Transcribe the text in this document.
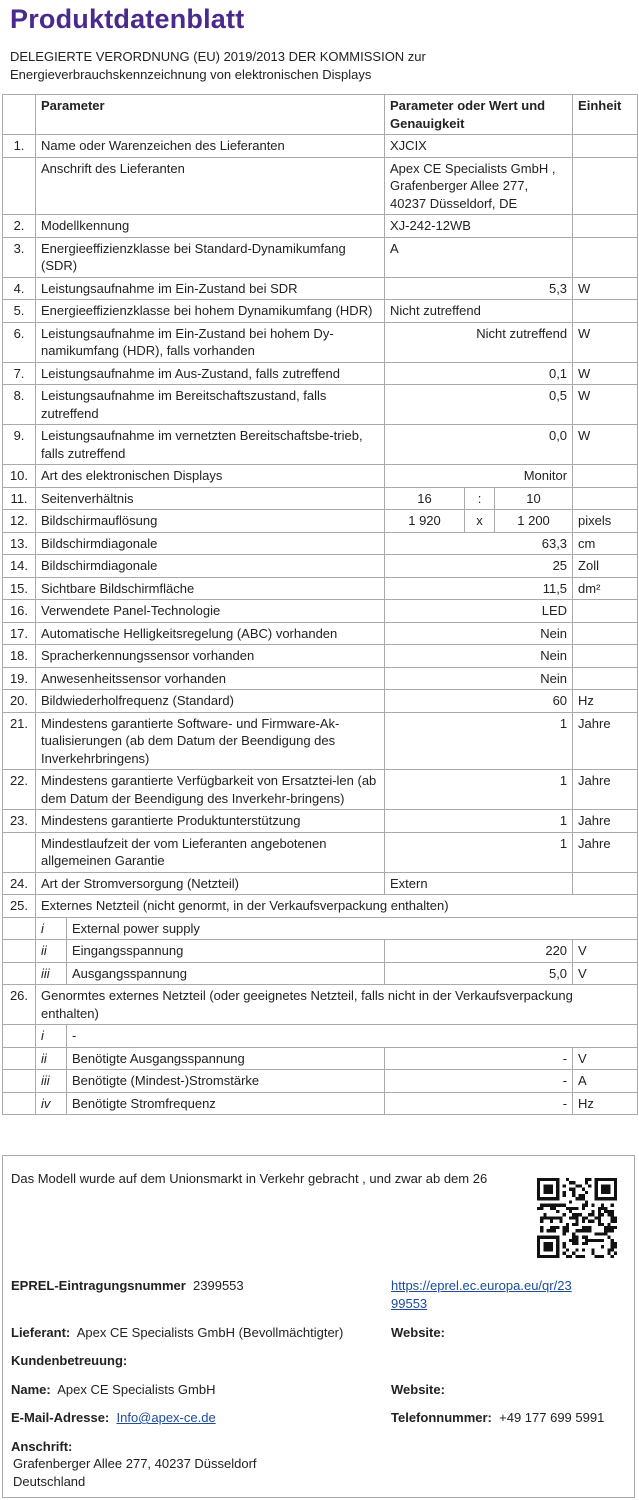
Produktdatenblatt
DELEGIERTE VERORDNUNG (EU) 2019/2013 DER KOMMISSION zur
Energieverbrauchskennzeichnung von elektronischen Displays
	Parameter		Parameter oder Wert und Genauigkeit			Einheit
1.	Name oder Warenzeichen des Lieferanten		XJCIX			
	Anschrift des Lieferanten		Apex CE Specialists GmbH , Grafenberger Allee 277, 40237 Düsseldorf, DE			
2.	Modellkennung		XJ-242-12WB			
3.	Energieeffizienzklasse bei Standard-Dynamikumfang (SDR)		A			
4.	Leistungsaufnahme im Ein-Zustand bei SDR		5,3			W
5.	Energieeffizienzklasse bei hohem Dynamikumfang (HDR)		Nicht zutreffend			
6.	Leistungsaufnahme im Ein-Zustand bei hohem Dy-namikumfang (HDR), falls vorhanden		Nicht zutreffend			W
7.	Leistungsaufnahme im Aus-Zustand, falls zutreffend		0,1			W
8.	Leistungsaufnahme im Bereitschaftszustand, falls zutreffend		0,5			W
9.	Leistungsaufnahme im vernetzten Bereitschaftsbe-trieb, falls zutreffend		0,0			W
10.	Art des elektronischen Displays		Monitor			
11.	Seitenverhältnis		16	:	10	
12.	Bildschirmauflösung		1 920	x	1 200	pixels
13.	Bildschirmdiagonale		63,3			cm
14.	Bildschirmdiagonale		25			Zoll
15.	Sichtbare Bildschirmfläche		11,5			dm²
16.	Verwendete Panel-Technologie		LED			
17.	Automatische Helligkeitsregelung (ABC) vorhanden		Nein			
18.	Spracherkennungssensor vorhanden		Nein			
19.	Anwesenheitssensor vorhanden		Nein			
20.	Bildwiederholfrequenz (Standard)		60			Hz
21.	Mindestens garantierte Software- und Firmware-Ak-tualisierungen (ab dem Datum der Beendigung des Inverkehrbringens)		1			Jahre
22.	Mindestens garantierte Verfügbarkeit von Ersatztei-len (ab dem Datum der Beendigung des Inverkehr-bringens)		1			Jahre
23.	Mindestens garantierte Produktunterstützung		1			Jahre
	Mindestlaufzeit der vom Lieferanten angebotenen allgemeinen Garantie		1			Jahre
24.	Art der Stromversorgung (Netzteil)		Extern			
25.	Externes Netzteil (nicht genormt, in der Verkaufsverpackung enthalten)					
	i	External power supply				
	ii	Eingangsspannung	220			V
	iii	Ausgangsspannung	5,0			V
26.	Genormtes externes Netzteil (oder geeignetes Netzteil, falls nicht in der Verkaufsverpackung enthalten)					
	i	-				
	ii	Benötigte Ausgangsspannung	-			V
	iii	Benötigte (Mindest-)Stromstärke	-			A
	iv	Benötigte Stromfrequenz	-			Hz
Das Modell wurde auf dem Unionsmarkt in Verkehr gebracht , und zwar ab dem 26
EPREL-Eintragungsnummer 2399553	https://eprel.ec.europa.eu/qr/23
99553
Lieferant: Apex CE Specialists GmbH (Bevollmächtigter)	Website:
Kundenbetreuung:
Name: Apex CE Specialists GmbH	Website:
E-Mail-Adresse: Info@apex-ce.de	Telefonnummer: +49 177 699 5991
Anschrift:
Grafenberger Allee 277, 40237 Düsseldorf
Deutschland
